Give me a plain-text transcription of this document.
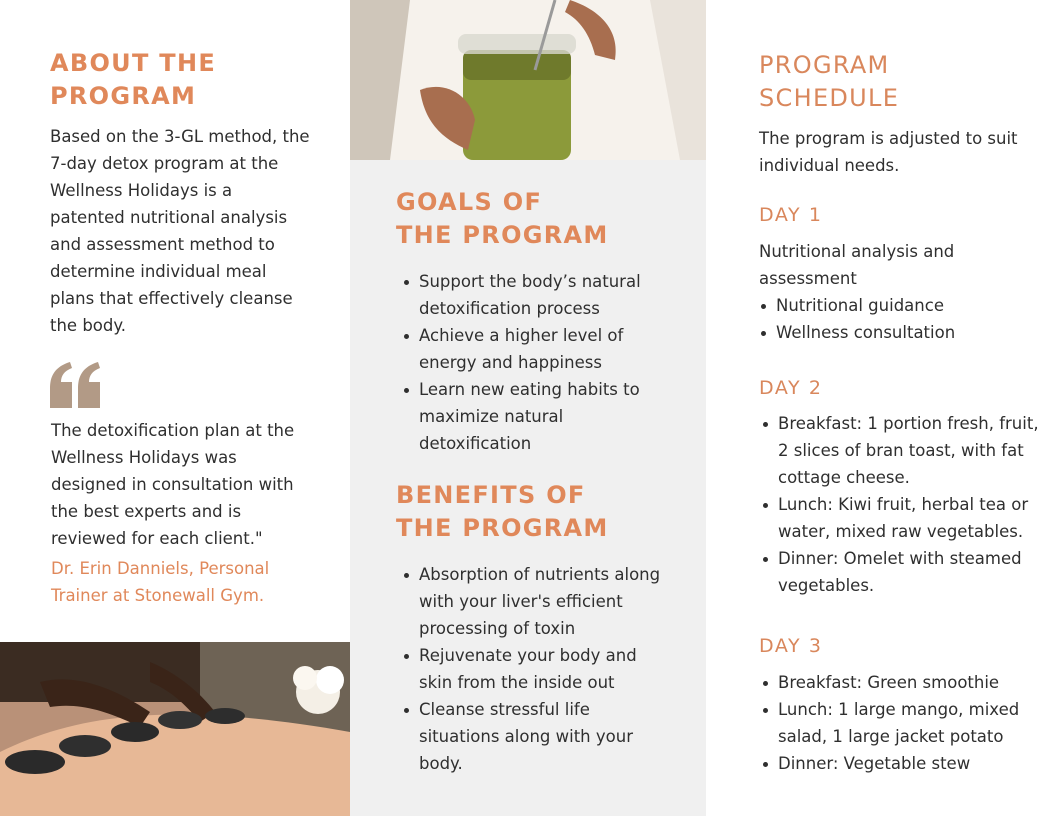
ABOUT THE
PROGRAM

Based on the 3-GL method, the 7-day detox program at the Wellness Holidays is a patented nutritional analysis and assessment method to determine individual meal plans that effectively cleanse the body.

The detoxification plan at the Wellness Holidays was designed in consultation with the best experts and is reviewed for each client."

Dr. Erin Danniels, Personal Trainer at Stonewall Gym.

GOALS OF
THE PROGRAM
Support the body’s natural detoxification process
Achieve a higher level of energy and happiness
Learn new eating habits to maximize natural detoxification
BENEFITS OF
THE PROGRAM
Absorption of nutrients along with your liver's efficient processing of toxin
Rejuvenate your body and skin from the inside out
Cleanse stressful life situations along with your body.
PROGRAM
SCHEDULE

The program is adjusted to suit individual needs.

DAY 1

Nutritional analysis and assessment

Nutritional guidance
Wellness consultation
DAY 2
Breakfast: 1 portion fresh, fruit, 2 slices of bran toast, with fat cottage cheese.
Lunch: Kiwi fruit, herbal tea or water, mixed raw vegetables.
Dinner: Omelet with steamed vegetables.
DAY 3
Breakfast: Green smoothie
Lunch: 1 large mango, mixed salad, 1 large jacket potato
Dinner: Vegetable stew
